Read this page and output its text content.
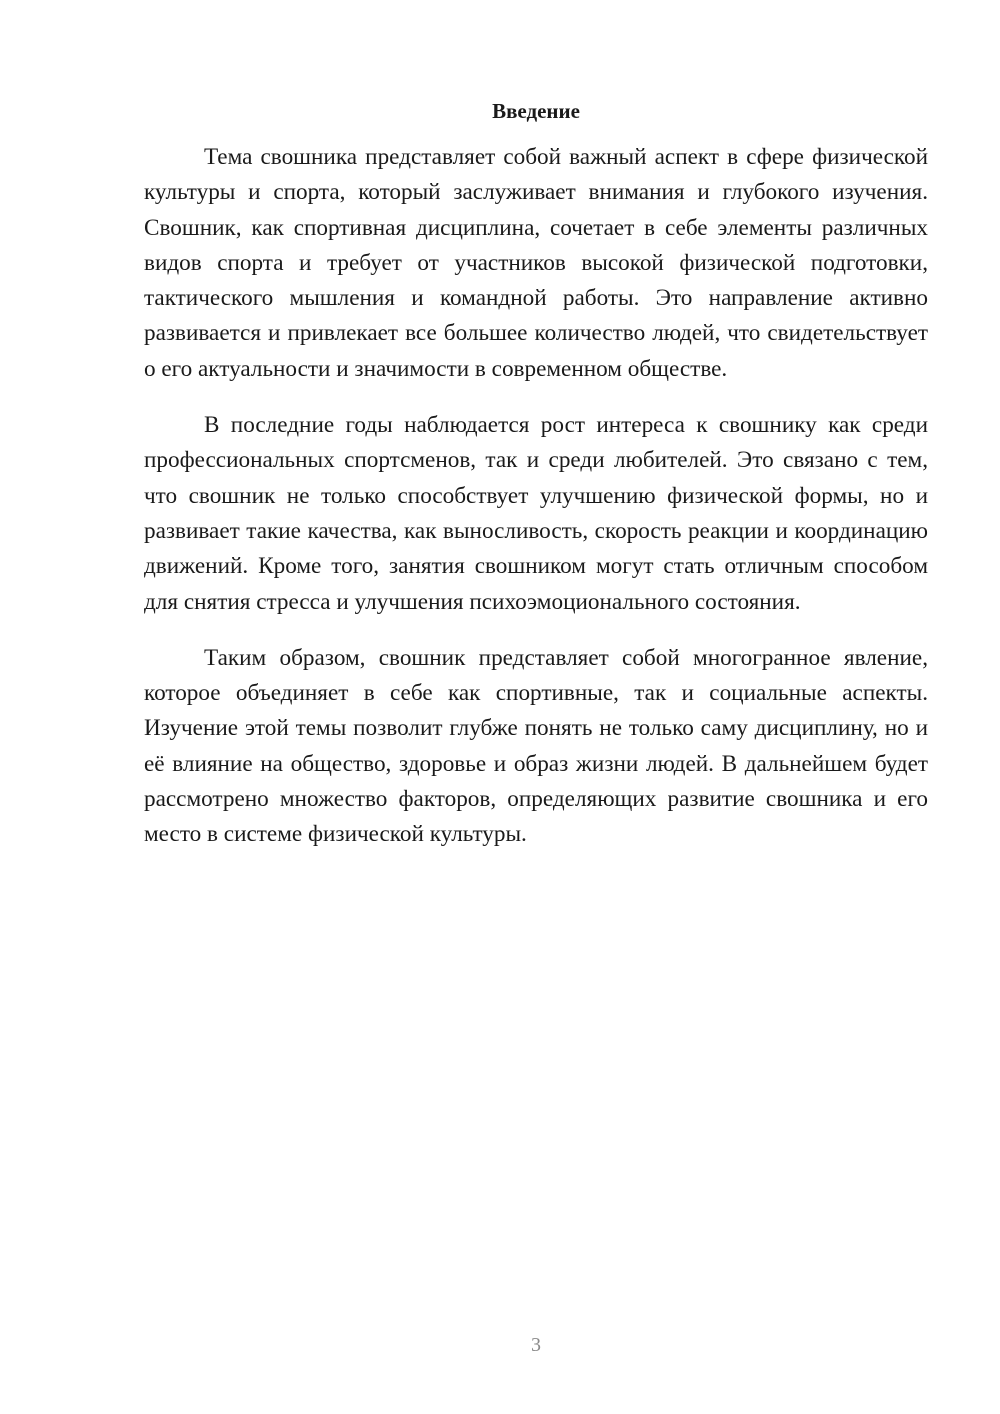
Введение

Тема свошника представляет собой важный аспект в сфере физической культуры и спорта, который заслуживает внимания и глубокого изучения. Свошник, как спортивная дисциплина, сочетает в себе элементы различных видов спорта и требует от участников высокой физической подготовки, тактического мышления и командной работы. Это направление активно развивается и привлекает все большее количество людей, что свидетельствует о его актуальности и значимости в современном обществе.

В последние годы наблюдается рост интереса к свошнику как среди профессиональных спортсменов, так и среди любителей. Это связано с тем, что свошник не только способствует улучшению физической формы, но и развивает такие качества, как выносливость, скорость реакции и координацию движений. Кроме того, занятия свошником могут стать отличным способом для снятия стресса и улучшения психоэмоционального состояния.

Таким образом, свошник представляет собой многогранное явление, которое объединяет в себе как спортивные, так и социальные аспекты. Изучение этой темы позволит глубже понять не только саму дисциплину, но и её влияние на общество, здоровье и образ жизни людей. В дальнейшем будет рассмотрено множество факторов, определяющих развитие свошника и его место в системе физической культуры.

3
